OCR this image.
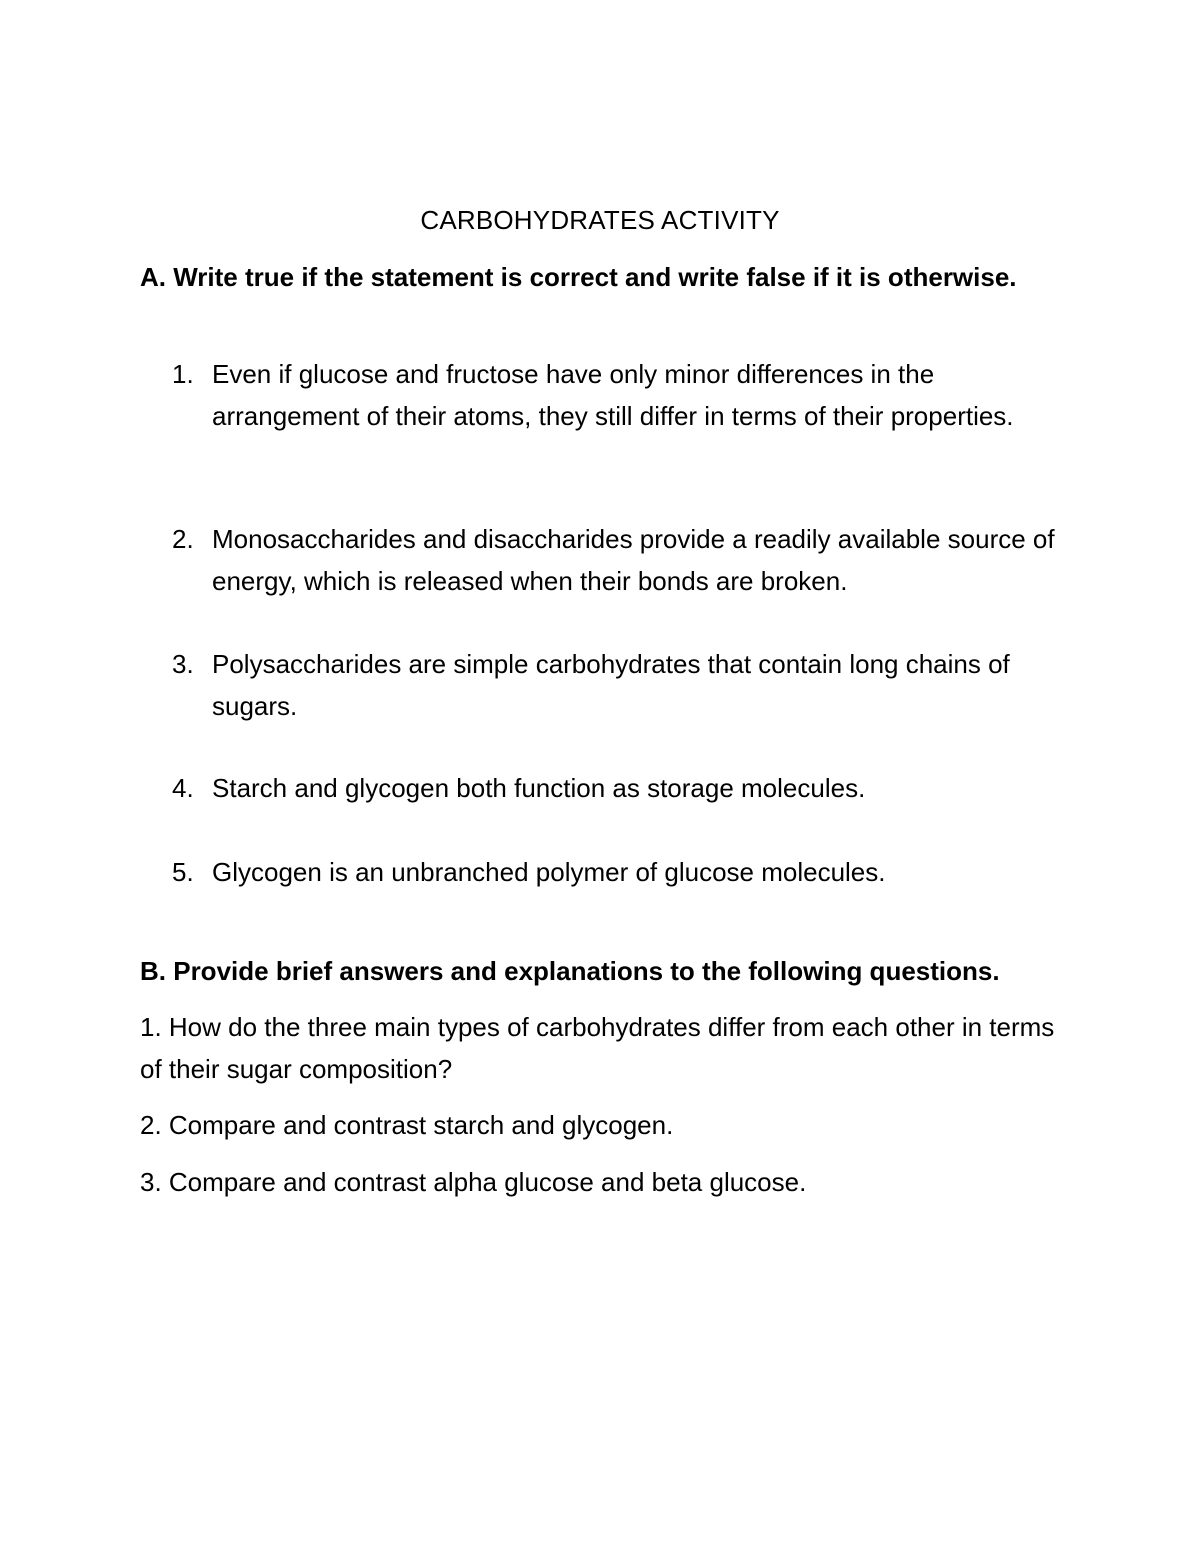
CARBOHYDRATES ACTIVITY
A. Write true if the statement is correct and write false if it is otherwise.
1. Even if glucose and fructose have only minor differences in the arrangement of their atoms, they still differ in terms of their properties.
2. Monosaccharides and disaccharides provide a readily available source of energy, which is released when their bonds are broken.
3. Polysaccharides are simple carbohydrates that contain long chains of sugars.
4. Starch and glycogen both function as storage molecules.
5. Glycogen is an unbranched polymer of glucose molecules.
B. Provide brief answers and explanations to the following questions.
1. How do the three main types of carbohydrates differ from each other in terms of their sugar composition?
2. Compare and contrast starch and glycogen.
3. Compare and contrast alpha glucose and beta glucose.
